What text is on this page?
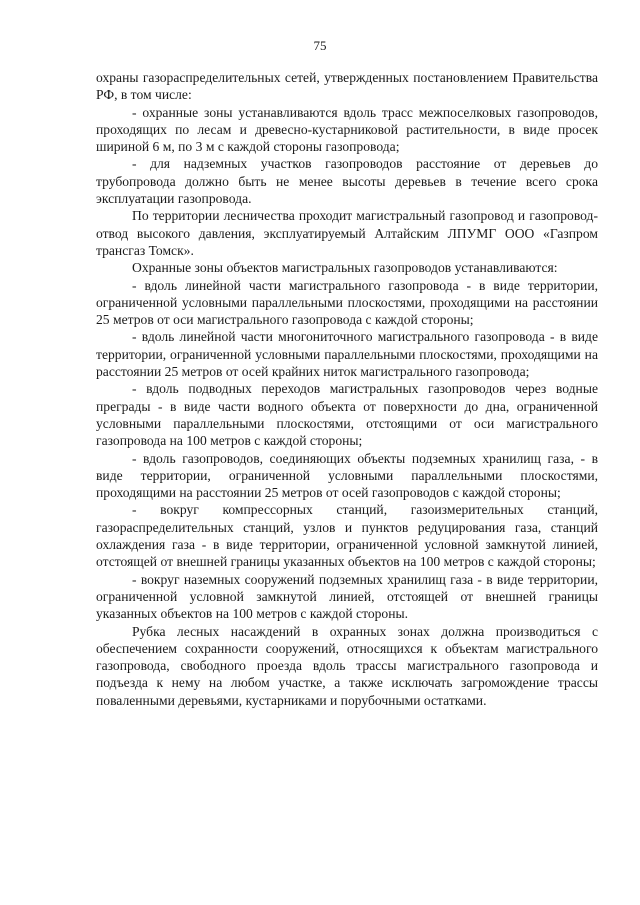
75

охраны газораспределительных сетей, утвержденных постановлением Правительства РФ, в том числе:

- охранные зоны устанавливаются вдоль трасс межпоселковых газопроводов, проходящих по лесам и древесно-кустарниковой растительности, в виде просек шириной 6 м, по 3 м с каждой стороны газопровода;

- для надземных участков газопроводов расстояние от деревьев до трубопровода должно быть не менее высоты деревьев в течение всего срока эксплуатации газопровода.

По территории лесничества проходит магистральный газопровод и газопровод-отвод высокого давления, эксплуатируемый Алтайским ЛПУМГ ООО «Газпром трансгаз Томск».

Охранные зоны объектов магистральных газопроводов устанавливаются:

- вдоль линейной части магистрального газопровода - в виде территории, ограниченной условными параллельными плоскостями, проходящими на расстоянии 25 метров от оси магистрального газопровода с каждой стороны;

- вдоль линейной части многониточного магистрального газопровода - в виде территории, ограниченной условными параллельными плоскостями, проходящими на расстоянии 25 метров от осей крайних ниток магистрального газопровода;

- вдоль подводных переходов магистральных газопроводов через водные преграды - в виде части водного объекта от поверхности до дна, ограниченной условными параллельными плоскостями, отстоящими от оси магистрального газопровода на 100 метров с каждой стороны;

- вдоль газопроводов, соединяющих объекты подземных хранилищ газа, - в виде территории, ограниченной условными параллельными плоскостями, проходящими на расстоянии 25 метров от осей газопроводов с каждой стороны;

- вокруг компрессорных станций, газоизмерительных станций, газораспределительных станций, узлов и пунктов редуцирования газа, станций охлаждения газа - в виде территории, ограниченной условной замкнутой линией, отстоящей от внешней границы указанных объектов на 100 метров с каждой стороны;

- вокруг наземных сооружений подземных хранилищ газа - в виде территории, ограниченной условной замкнутой линией, отстоящей от внешней границы указанных объектов на 100 метров с каждой стороны.

Рубка лесных насаждений в охранных зонах должна производиться с обеспечением сохранности сооружений, относящихся к объектам магистрального газопровода, свободного проезда вдоль трассы магистрального газопровода и подъезда к нему на любом участке, а также исключать загромождение трассы поваленными деревьями, кустарниками и порубочными остатками.
